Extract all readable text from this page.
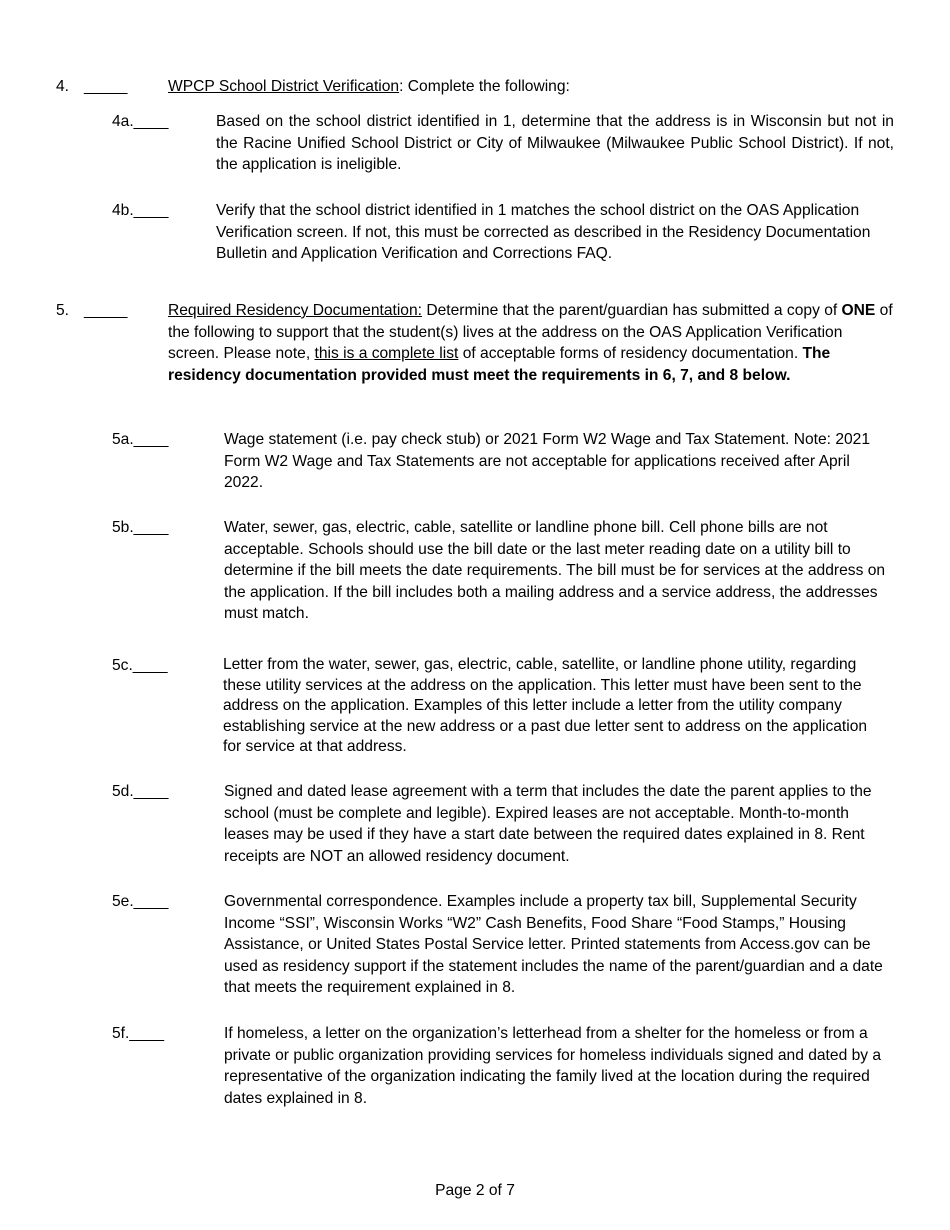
4. _____	WPCP School District Verification: Complete the following:

4a.____	Based on the school district identified in 1, determine that the address is in Wisconsin but not in the Racine Unified School District or City of Milwaukee (Milwaukee Public School District). If not, the application is ineligible.

4b.____	Verify that the school district identified in 1 matches the school district on the OAS Application Verification screen. If not, this must be corrected as described in the Residency Documentation Bulletin and Application Verification and Corrections FAQ.

5. _____	Required Residency Documentation: Determine that the parent/guardian has submitted a copy of ONE of the following to support that the student(s) lives at the address on the OAS Application Verification screen. Please note, this is a complete list of acceptable forms of residency documentation. The residency documentation provided must meet the requirements in 6, 7, and 8 below.

5a.____	Wage statement (i.e. pay check stub) or 2021 Form W2 Wage and Tax Statement. Note: 2021 Form W2 Wage and Tax Statements are not acceptable for applications received after April 2022.

5b.____	Water, sewer, gas, electric, cable, satellite or landline phone bill. Cell phone bills are not acceptable. Schools should use the bill date or the last meter reading date on a utility bill to determine if the bill meets the date requirements. The bill must be for services at the address on the application. If the bill includes both a mailing address and a service address, the addresses must match.

5c.____	Letter from the water, sewer, gas, electric, cable, satellite, or landline phone utility, regarding these utility services at the address on the application. This letter must have been sent to the address on the application. Examples of this letter include a letter from the utility company establishing service at the new address or a past due letter sent to address on the application for service at that address.

5d.____	Signed and dated lease agreement with a term that includes the date the parent applies to the school (must be complete and legible). Expired leases are not acceptable. Month-to-month leases may be used if they have a start date between the required dates explained in 8. Rent receipts are NOT an allowed residency document.

5e.____	Governmental correspondence. Examples include a property tax bill, Supplemental Security Income “SSI”, Wisconsin Works “W2” Cash Benefits, Food Share “Food Stamps,” Housing Assistance, or United States Postal Service letter. Printed statements from Access.gov can be used as residency support if the statement includes the name of the parent/guardian and a date that meets the requirement explained in 8.

5f.____	If homeless, a letter on the organization’s letterhead from a shelter for the homeless or from a private or public organization providing services for homeless individuals signed and dated by a representative of the organization indicating the family lived at the location during the required dates explained in 8.

Page 2 of 7
